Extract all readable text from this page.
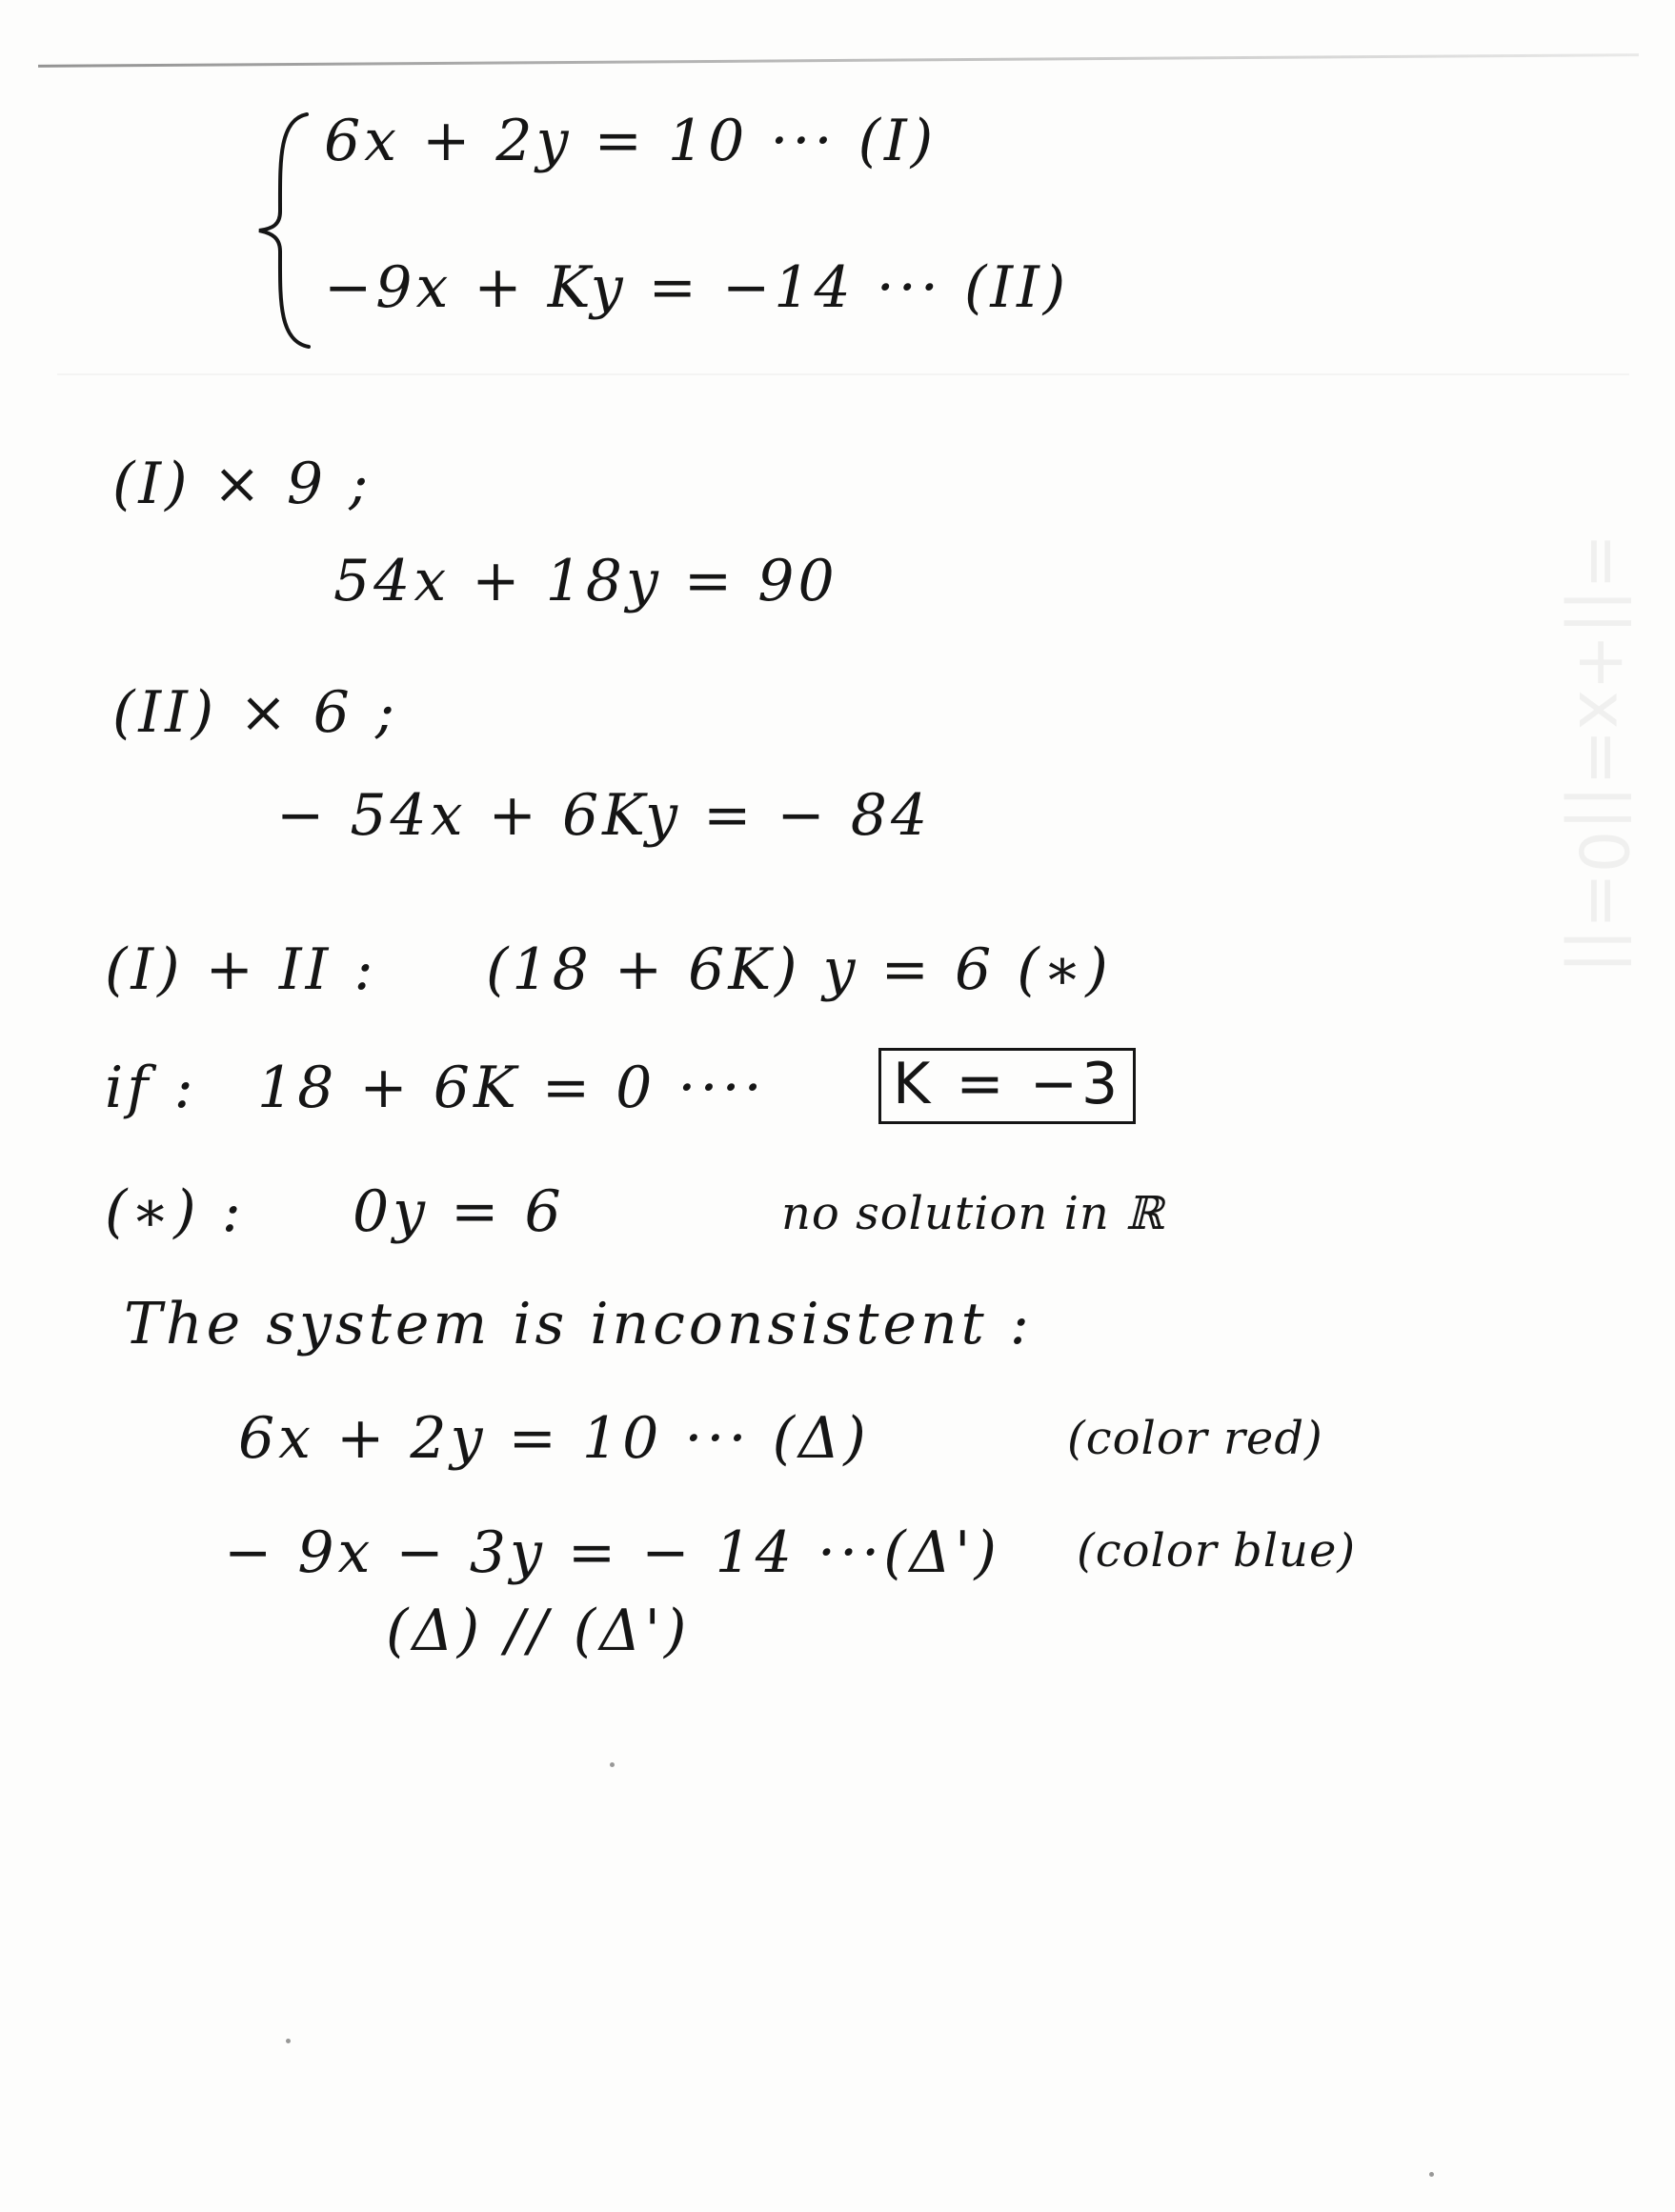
=||+x=||0=||
6x + 2y = 10 ··· (I)
−9x + Ky = −14 ··· (II)
(I) × 9 ;
54x + 18y = 90
(II) × 6 ;
− 54x + 6Ky = − 84
(I) + II : (18 + 6K) y = 6 (∗)
if : 18 + 6K = 0 ···· K = −3
(∗) : 0y = 6	no solution in ℝ
The system is inconsistent :
6x + 2y = 10 ··· (Δ)	(color red)
− 9x − 3y = − 14 ···(Δ') (color blue)
(Δ) // (Δ')
